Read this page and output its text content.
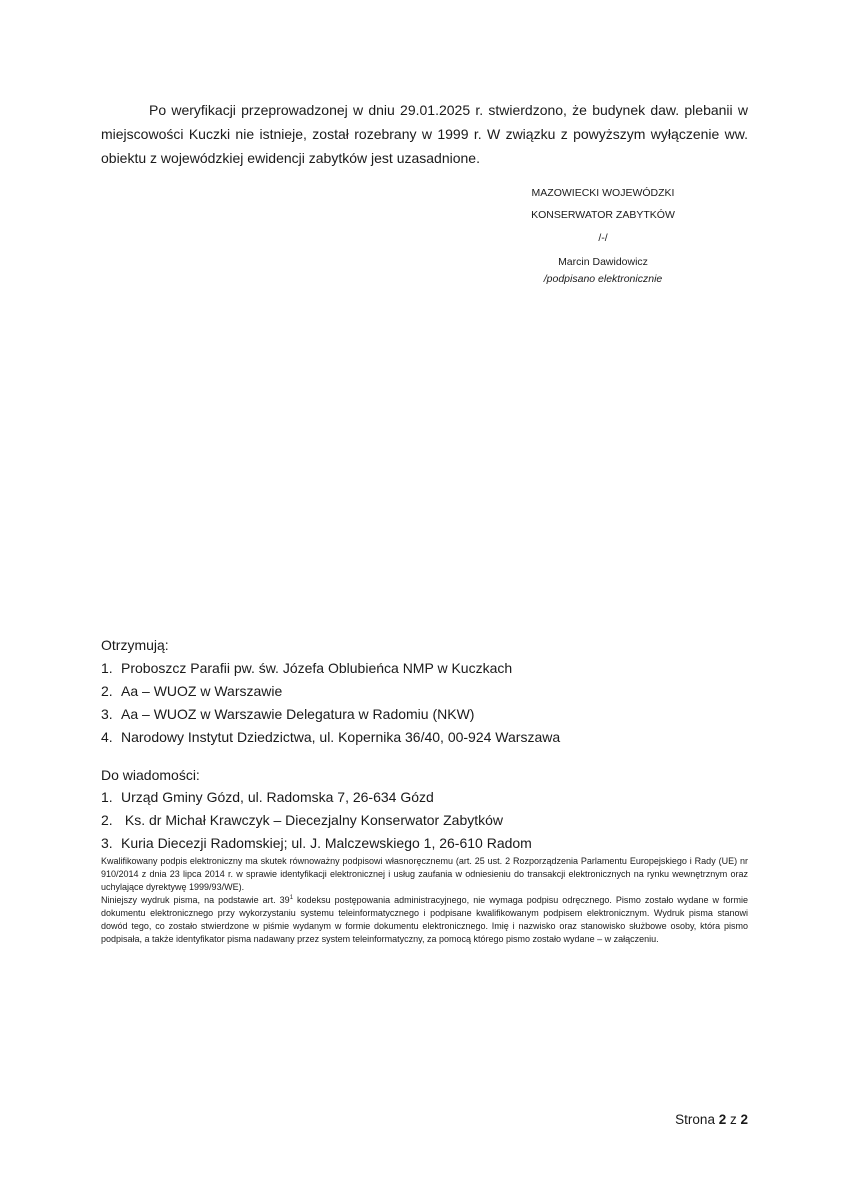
Po weryfikacji przeprowadzonej w dniu 29.01.2025 r. stwierdzono, że budynek daw. plebanii w miejscowości Kuczki nie istnieje, został rozebrany w 1999 r. W związku z powyższym wyłączenie ww. obiektu z wojewódzkiej ewidencji zabytków jest uzasadnione.

MAZOWIECKI WOJEWÓDZKI

KONSERWATOR ZABYTKÓW

/-/

Marcin Dawidowicz

/podpisano elektronicznie

Otrzymują:

1. Proboszcz Parafii pw. św. Józefa Oblubieńca NMP w Kuczkach
2. Aa – WUOZ w Warszawie
3. Aa – WUOZ w Warszawie Delegatura w Radomiu (NKW)
4. Narodowy Instytut Dziedzictwa, ul. Kopernika 36/40, 00-924 Warszawa

Do wiadomości:

1. Urząd Gminy Gózd, ul. Radomska 7, 26-634 Gózd
2. Ks. dr Michał Krawczyk – Diecezjalny Konserwator Zabytków
3. Kuria Diecezji Radomskiej; ul. J. Malczewskiego 1, 26-610 Radom

Kwalifikowany podpis elektroniczny ma skutek równoważny podpisowi własnoręcznemu (art. 25 ust. 2 Rozporządzenia Parlamentu Europejskiego i Rady (UE) nr 910/2014 z dnia 23 lipca 2014 r. w sprawie identyfikacji elektronicznej i usług zaufania w odniesieniu do transakcji elektronicznych na rynku wewnętrznym oraz uchylające dyrektywę 1999/93/WE).

Niniejszy wydruk pisma, na podstawie art. $39^1$ kodeksu postępowania administracyjnego, nie wymaga podpisu odręcznego. Pismo zostało wydane w formie dokumentu elektronicznego przy wykorzystaniu systemu teleinformatycznego i podpisane kwalifikowanym podpisem elektronicznym. Wydruk pisma stanowi dowód tego, co zostało stwierdzone w piśmie wydanym w formie dokumentu elektronicznego. Imię i nazwisko oraz stanowisko służbowe osoby, która pismo podpisała, a także identyfikator pisma nadawany przez system teleinformatyczny, za pomocą którego pismo zostało wydane – w załączeniu.

Strona 2 z 2
